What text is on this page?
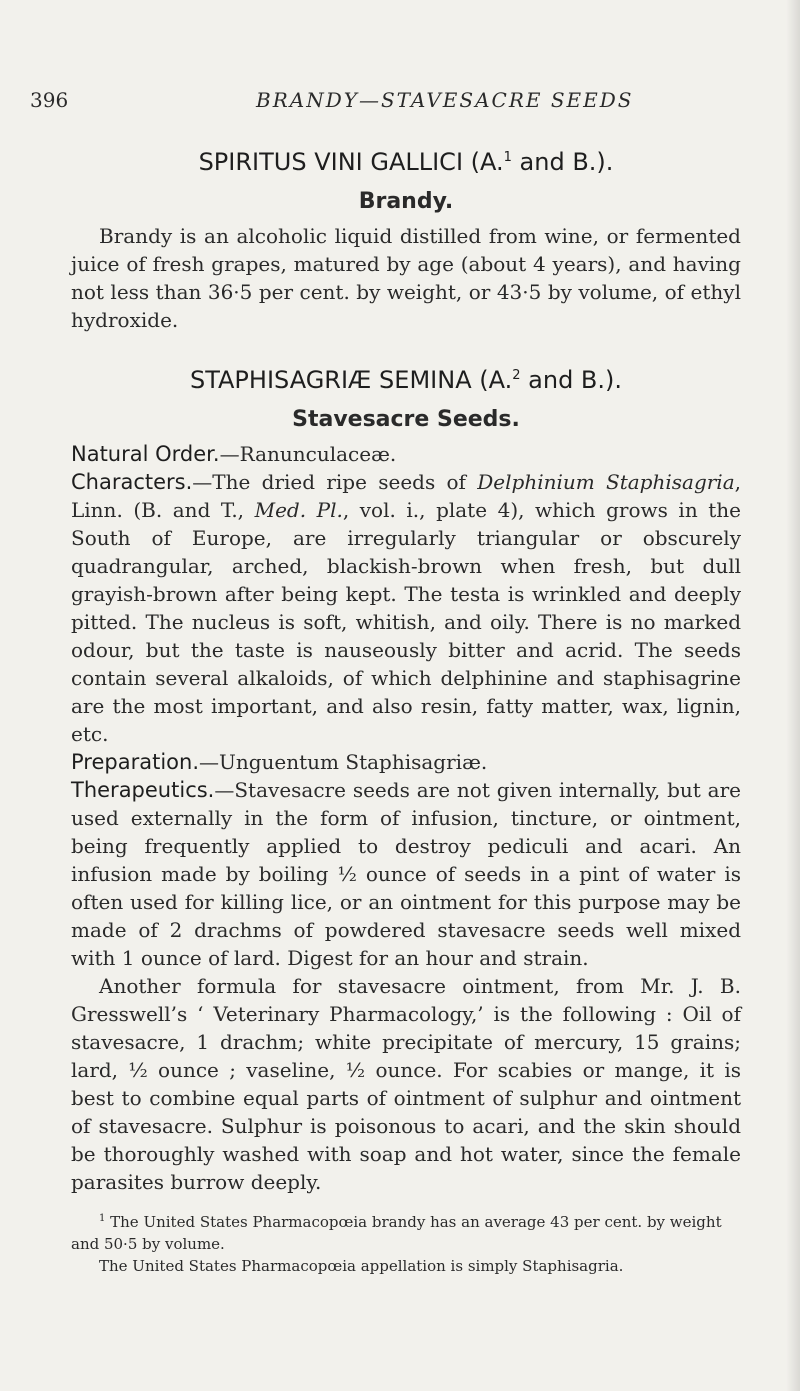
396	BRANDY—STAVESACRE SEEDS
SPIRITUS VINI GALLICI (A.$^1$ and B.).
Brandy.

Brandy is an alcoholic liquid distilled from wine, or fermented juice of fresh grapes, matured by age (about 4 years), and having not less than 36·5 per cent. by weight, or 43·5 by volume, of ethyl hydroxide.

STAPHISAGRIÆ SEMINA (A.$^2$ and B.).
Stavesacre Seeds.

Natural Order.—Ranunculaceæ.

Characters.—The dried ripe seeds of Delphinium Staphisagria, Linn. (B. and T., Med. Pl., vol. i., plate 4), which grows in the South of Europe, are irregularly triangular or obscurely quadrangular, arched, blackish-brown when fresh, but dull grayish-brown after being kept. The testa is wrinkled and deeply pitted. The nucleus is soft, whitish, and oily. There is no marked odour, but the taste is nauseously bitter and acrid. The seeds contain several alkaloids, of which delphinine and staphisagrine are the most important, and also resin, fatty matter, wax, lignin, etc.

Preparation.—Unguentum Staphisagriæ.

Therapeutics.—Stavesacre seeds are not given internally, but are used externally in the form of infusion, tincture, or ointment, being frequently applied to destroy pediculi and acari. An infusion made by boiling ½ ounce of seeds in a pint of water is often used for killing lice, or an ointment for this purpose may be made of 2 drachms of powdered stavesacre seeds well mixed with 1 ounce of lard. Digest for an hour and strain.

Another formula for stavesacre ointment, from Mr. J. B. Gresswell’s ‘ Veterinary Pharmacology,’ is the following : Oil of stavesacre, 1 drachm; white precipitate of mercury, 15 grains; lard, ½ ounce ; vaseline, ½ ounce. For scabies or mange, it is best to combine equal parts of ointment of sulphur and ointment of stavesacre. Sulphur is poisonous to acari, and the skin should be thoroughly washed with soap and hot water, since the female parasites burrow deeply.

$^1$ The United States Pharmacopœia brandy has an average 43 per cent. by weight and 50·5 by volume.

The United States Pharmacopœia appellation is simply Staphisagria.
